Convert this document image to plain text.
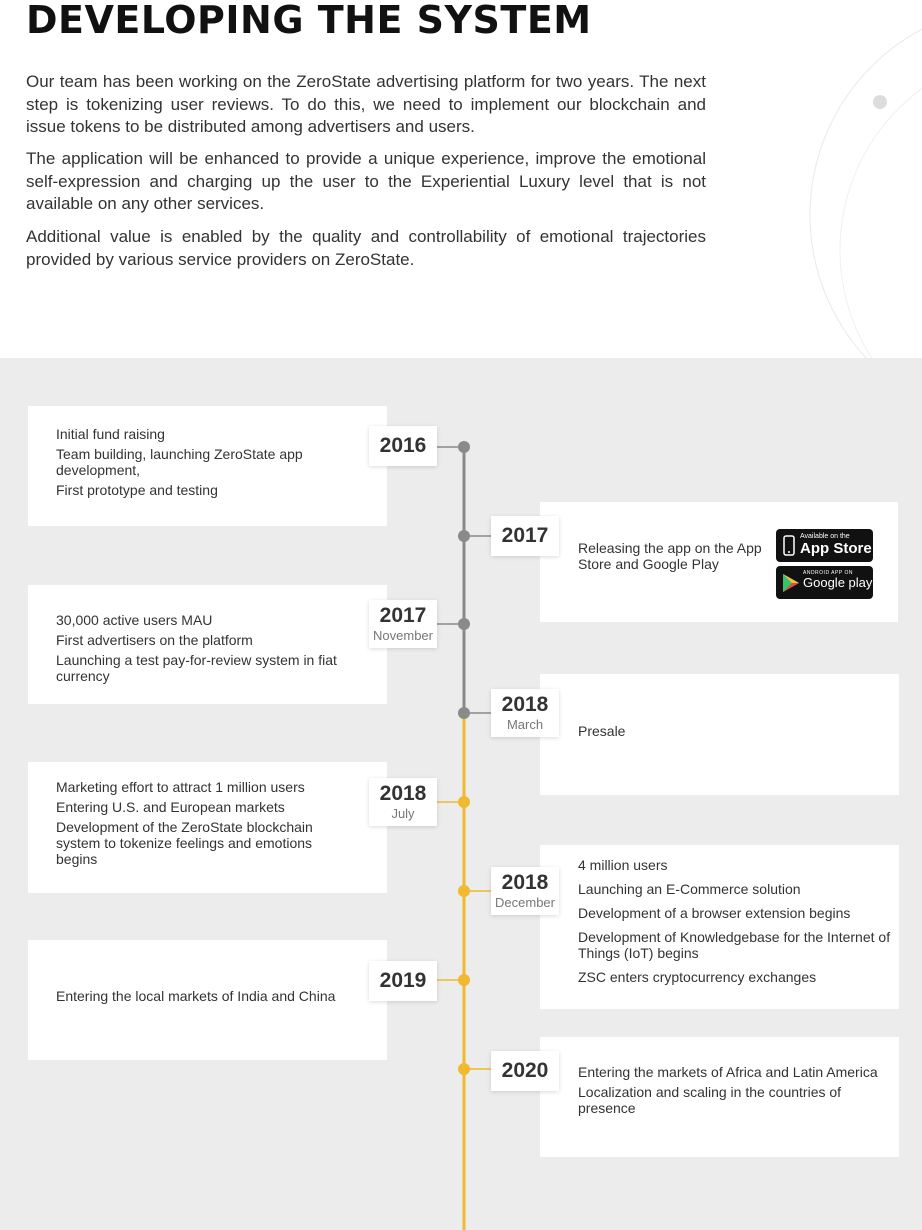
DEVELOPING THE SYSTEM

Our team has been working on the ZeroState advertising platform for two years. The next step is tokenizing user reviews. To do this, we need to implement our blockchain and issue tokens to be distributed among advertisers and users.

The application will be enhanced to provide a unique experience, improve the emotional self-expression and charging up the user to the Experiential Luxury level that is not available on any other services.

Additional value is enabled by the quality and controllability of emotional trajectories provided by various service providers on ZeroState.

Initial fund raising
Team building, launching ZeroState app development,
First prototype and testing
2016
Releasing the app on the App Store and Google Play
Available on the
App Store
ANDROID APP ON
Google play
2017
30,000 active users MAU
First advertisers on the platform
Launching a test pay-for-review system in fiat currency
2017
November
Presale
2018
March
Marketing effort to attract 1 million users
Entering U.S. and European markets
Development of the ZeroState blockchain system to tokenize feelings and emotions begins
2018
July
4 million users
Launching an E-Commerce solution
Development of a browser extension begins
Development of Knowledgebase for the Internet of Things (IoT) begins
ZSC enters cryptocurrency exchanges
2018
December
Entering the local markets of India and China
2019
Entering the markets of Africa and Latin America
Localization and scaling in the countries of presence
2020
